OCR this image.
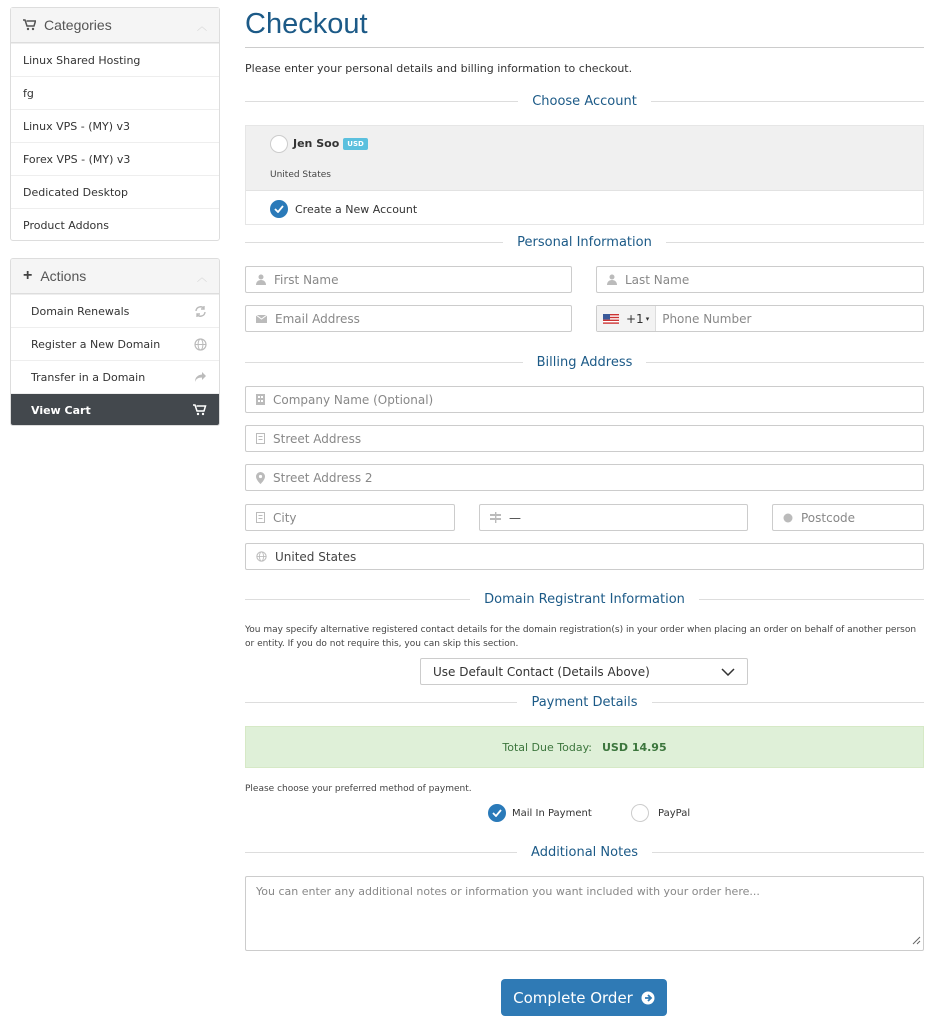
Categories	︿
Linux Shared Hosting
fg
Linux VPS - (MY) v3
Forex VPS - (MY) v3
Dedicated Desktop
Product Addons
+ Actions	︿
Domain Renewals
Register a New Domain
Transfer in a Domain
View Cart
Checkout
Please enter your personal details and billing information to checkout.
Choose Account
Jen Soo USD
United States
Create a New Account
Personal Information
First Name	Last Name
Email Address	+1 ▾ Phone Number
Billing Address
Company Name (Optional)
Street Address
Street Address 2
City	—	Postcode
United States
Domain Registrant Information
You may specify alternative registered contact details for the domain registration(s) in your order when placing an order on behalf of another person or entity. If you do not require this, you can skip this section.
Use Default Contact (Details Above)
Payment Details
Total Due Today: USD 14.95
Please choose your preferred method of payment.
Mail In Payment	PayPal
Additional Notes
You can enter any additional notes or information you want included with your order here...
Complete Order
